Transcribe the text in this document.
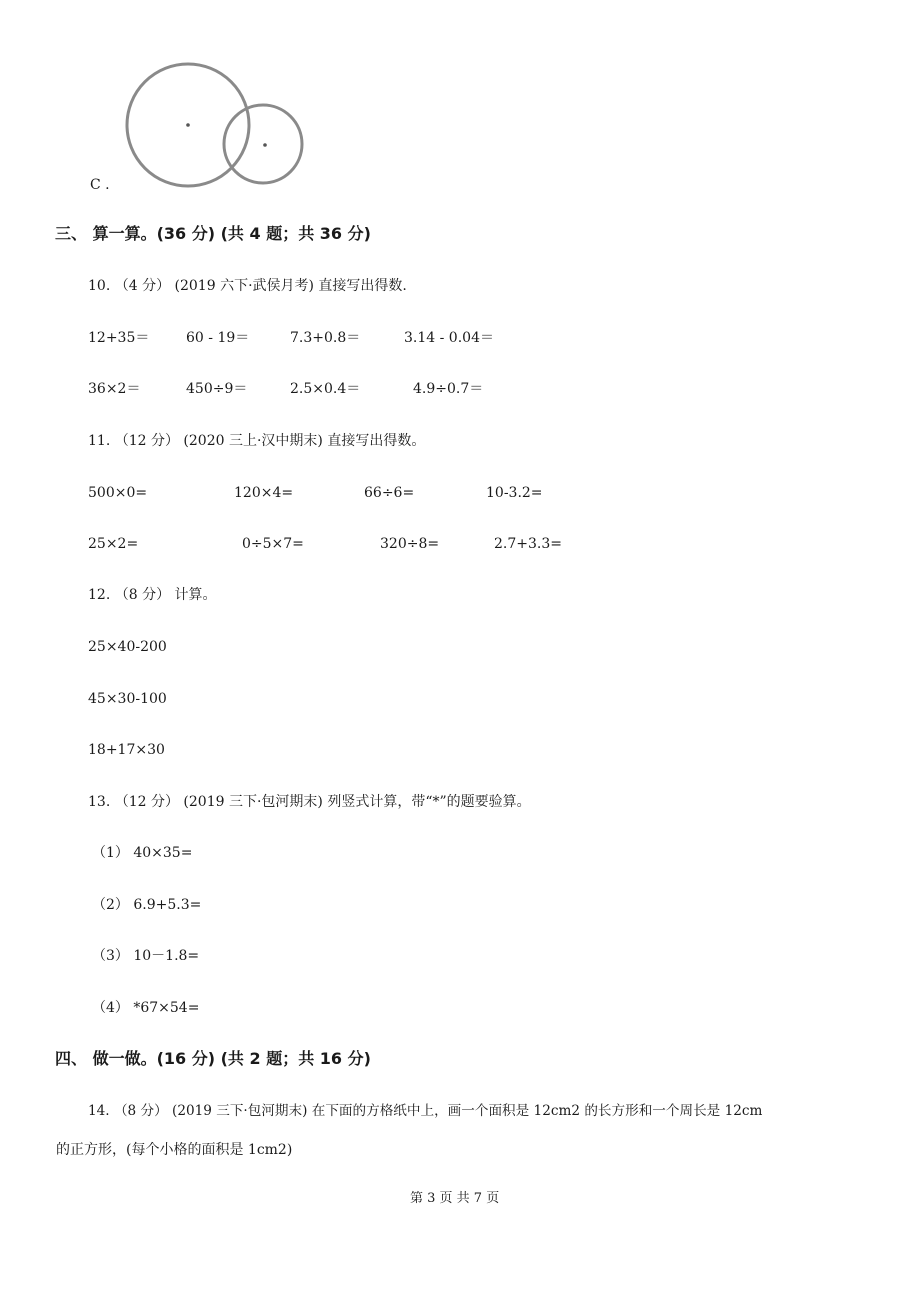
C .
三、 算一算。(36 分) (共 4 题；共 36 分)
10. （4 分） (2019 六下·武侯月考) 直接写出得数.
12+35＝	60 - 19＝	7.3+0.8＝	3.14 - 0.04＝
36×2＝	450÷9＝	2.5×0.4＝	4.9÷0.7＝
11. （12 分） (2020 三上·汉中期末) 直接写出得数。
500×0=	120×4=	66÷6=	10-3.2=
25×2=	0÷5×7=	320÷8=	2.7+3.3=
12. （8 分） 计算。
25×40-200
45×30-100
18+17×30
13. （12 分） (2019 三下·包河期末) 列竖式计算，带“*”的题要验算。
（1） 40×35=
（2） 6.9+5.3=
（3） 10－1.8=
（4） *67×54=
四、 做一做。(16 分) (共 2 题；共 16 分)
14. （8 分） (2019 三下·包河期末) 在下面的方格纸中上，画一个面积是 12cm2 的长方形和一个周长是 12cm
的正方形，(每个小格的面积是 1cm2)
第 3 页 共 7 页
